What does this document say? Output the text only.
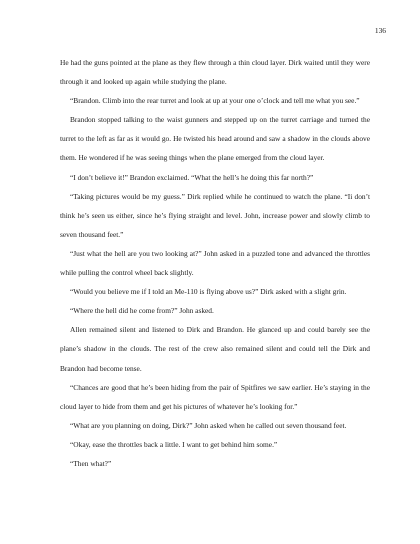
136

He had the guns pointed at the plane as they flew through a thin cloud layer. Dirk waited until they were through it and looked up again while studying the plane.

“Brandon. Climb into the rear turret and look at up at your one o’clock and tell me what you see.”

Brandon stopped talking to the waist gunners and stepped up on the turret carriage and turned the turret to the left as far as it would go. He twisted his head around and saw a shadow in the clouds above them. He wondered if he was seeing things when the plane emerged from the cloud layer.

“I don’t believe it!” Brandon exclaimed. “What the hell’s he doing this far north?”

“Taking pictures would be my guess.” Dirk replied while he continued to watch the plane. “Ii don’t think he’s seen us either, since he’s flying straight and level. John, increase power and slowly climb to seven thousand feet.”

“Just what the hell are you two looking at?” John asked in a puzzled tone and advanced the throttles while pulling the control wheel back slightly.

“Would you believe me if I told an Me-110 is flying above us?” Dirk asked with a slight grin.

“Where the hell did he come from?” John asked.

Allen remained silent and listened to Dirk and Brandon. He glanced up and could barely see the plane’s shadow in the clouds. The rest of the crew also remained silent and could tell the Dirk and Brandon had become tense.

“Chances are good that he’s been hiding from the pair of Spitfires we saw earlier. He’s staying in the cloud layer to hide from them and get his pictures of whatever he’s looking for.”

“What are you planning on doing, Dirk?” John asked when he called out seven thousand feet.

“Okay, ease the throttles back a little. I want to get behind him some.”

“Then what?”
